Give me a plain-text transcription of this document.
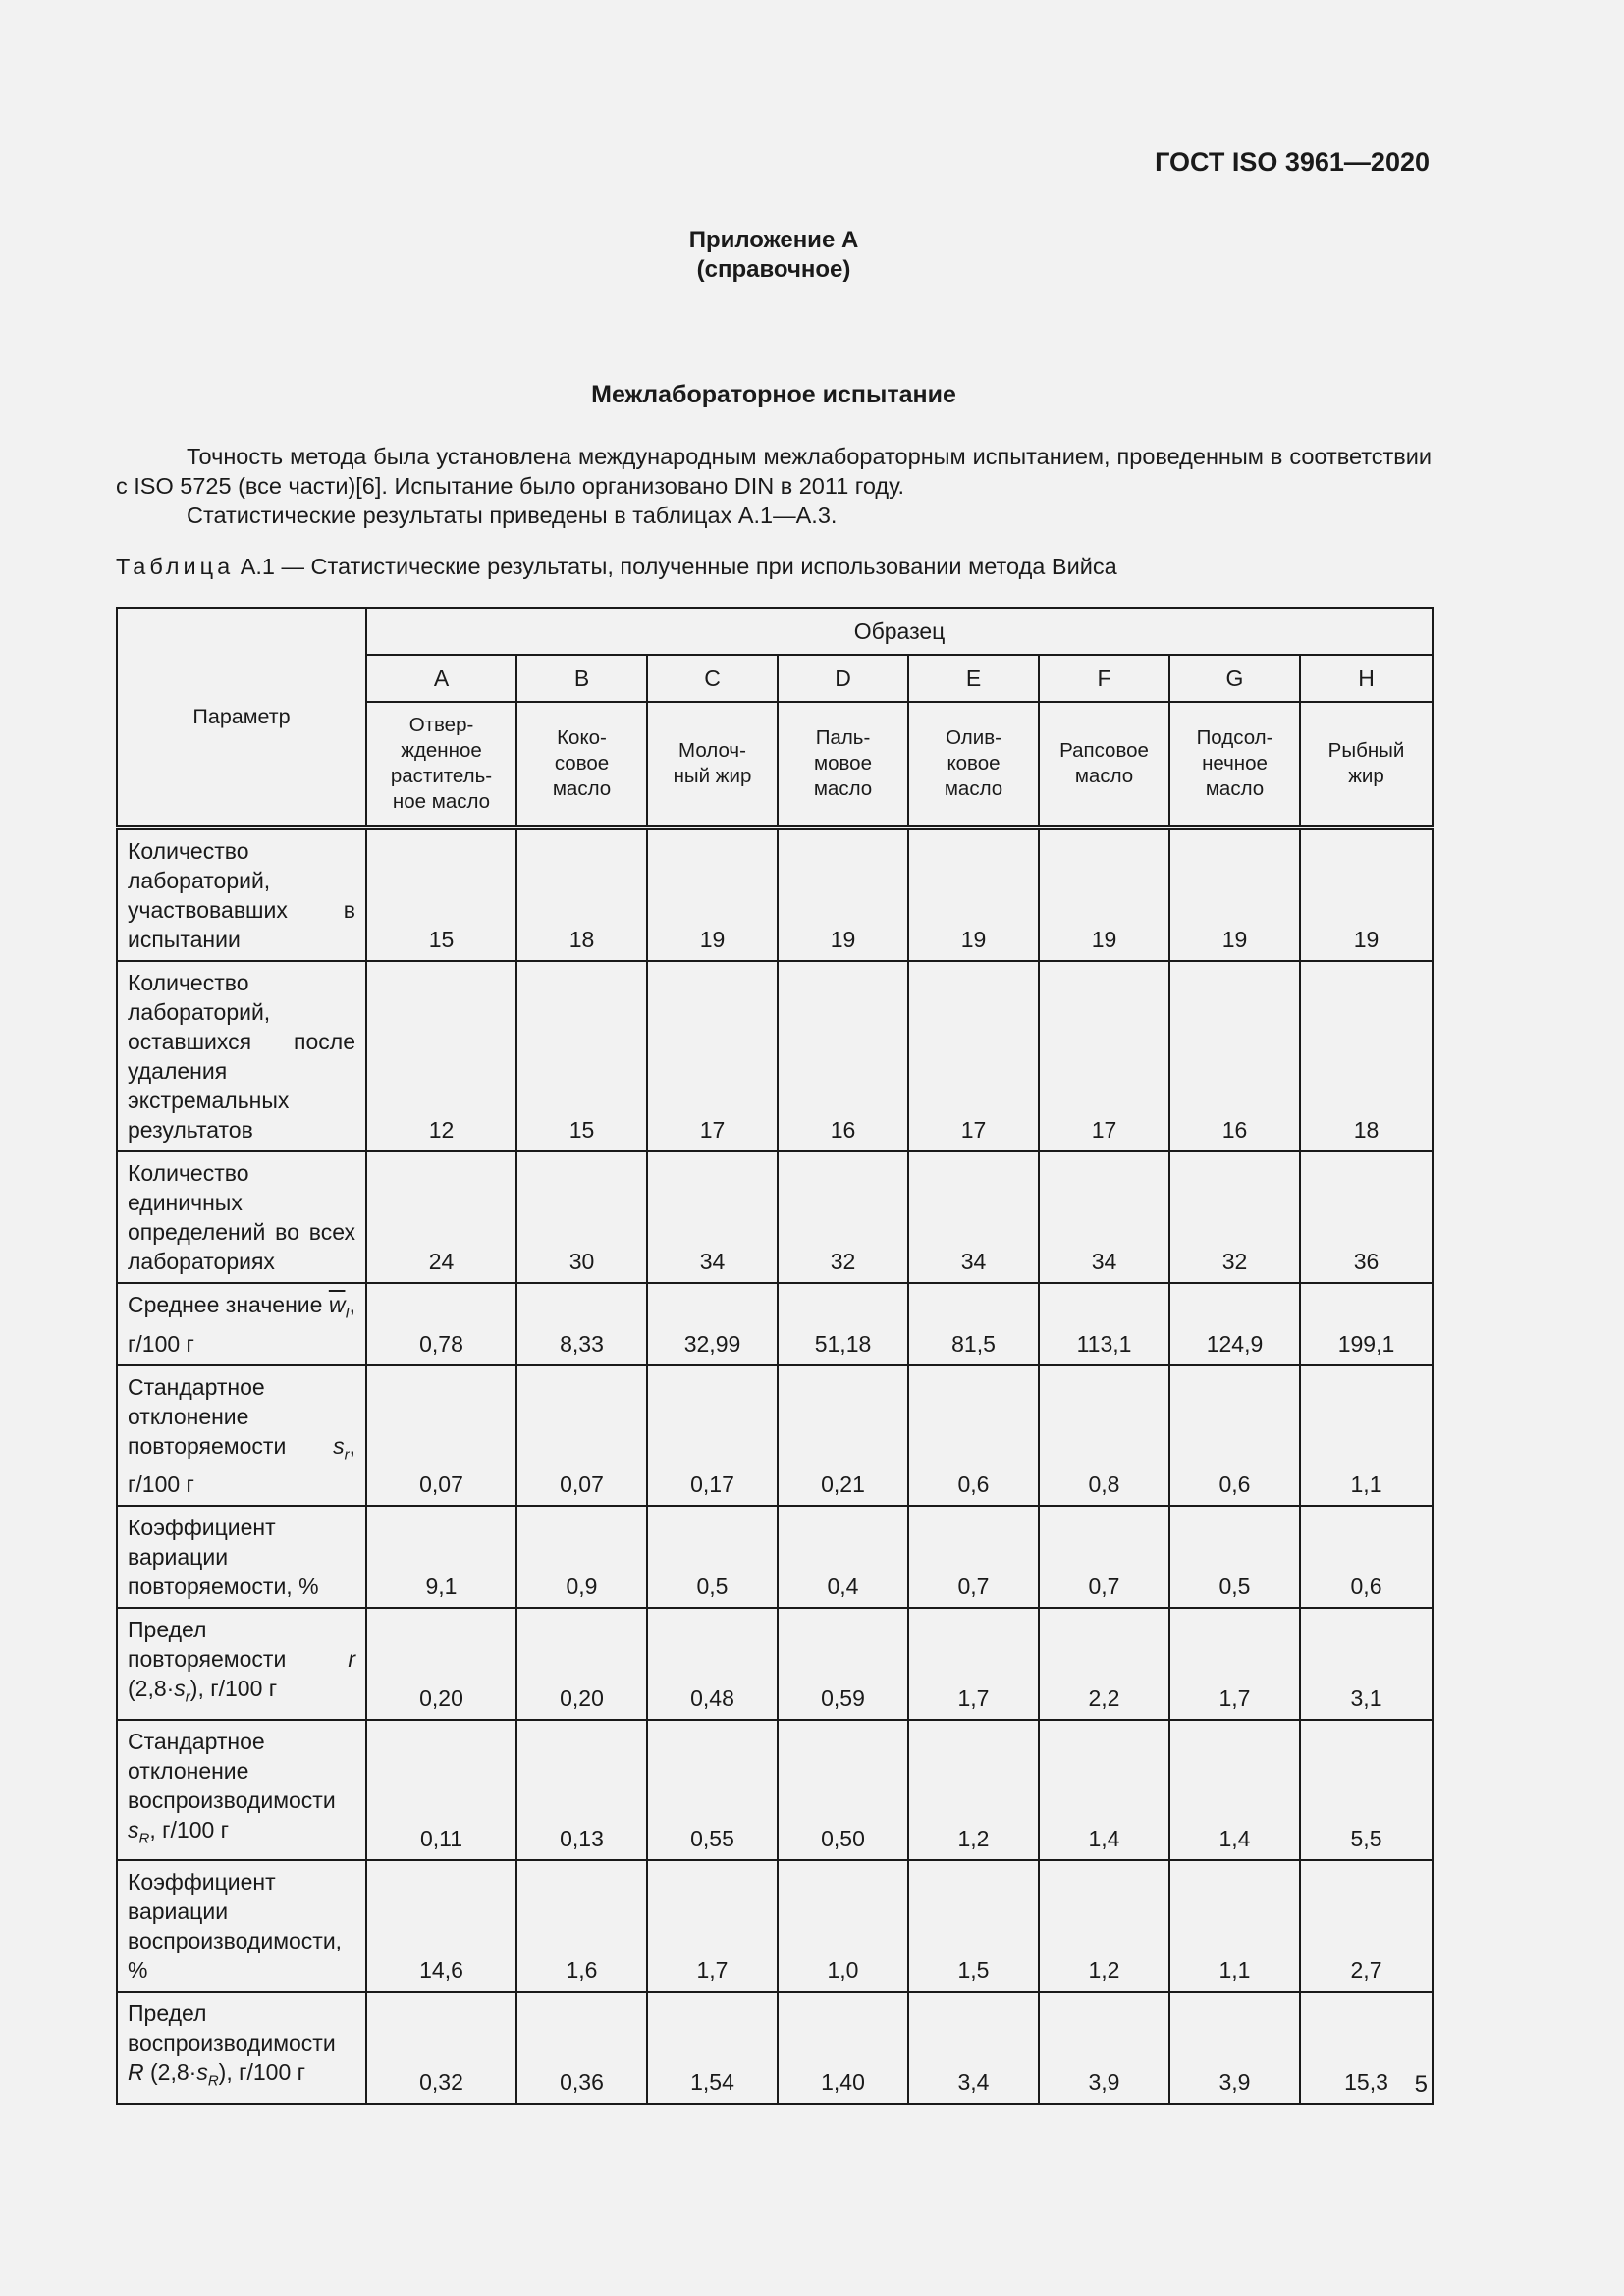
ГОСТ ISO 3961—2020
Приложение А
(справочное)
Межлабораторное испытание
Точность метода была установлена международным межлабораторным испытанием, проведенным в соответствии с ISO 5725 (все части)[6]. Испытание было организовано DIN в 2011 году.
Статистические результаты приведены в таблицах А.1—А.3.
Таблица А.1 — Статистические результаты, полученные при использовании метода Вийса
Параметр	Образец							
	A	B	C	D	E	F	G	H
	Отвер-
жденное
раститель-
ное масло	Коко-
совое
масло	Молоч-
ный жир	Паль-
мовое
масло	Олив-
ковое
масло	Рапсовое
масло	Подсол-
нечное
масло	Рыбный
жир
Количество лабораторий, участвовавших в испытании	15	18	19	19	19	19	19	19
Количество лабораторий, оставшихся после удаления экстремальных результатов	12	15	17	16	17	17	16	18
Количество единичных определений во всех лабораториях	24	30	34	32	34	34	32	36
Среднее значение $\overline{w}_I$, г/100 г	0,78	8,33	32,99	51,18	81,5	113,1	124,9	199,1
Стандартное отклонение повторяемости $s_r$, г/100 г	0,07	0,07	0,17	0,21	0,6	0,8	0,6	1,1
Коэффициент вариации повторяемости, %	9,1	0,9	0,5	0,4	0,7	0,7	0,5	0,6
Предел повторяемости r $(2,8\cdot s_r)$, г/100 г	0,20	0,20	0,48	0,59	1,7	2,2	1,7	3,1
Стандартное отклонение воспроизводимости $s_R$, г/100 г	0,11	0,13	0,55	0,50	1,2	1,4	1,4	5,5
Коэффициент вариации воспроизводимости, %	14,6	1,6	1,7	1,0	1,5	1,2	1,1	2,7
Предел воспроизводимости R $(2,8\cdot s_R)$, г/100 г	0,32	0,36	1,54	1,40	3,4	3,9	3,9	15,3 5
